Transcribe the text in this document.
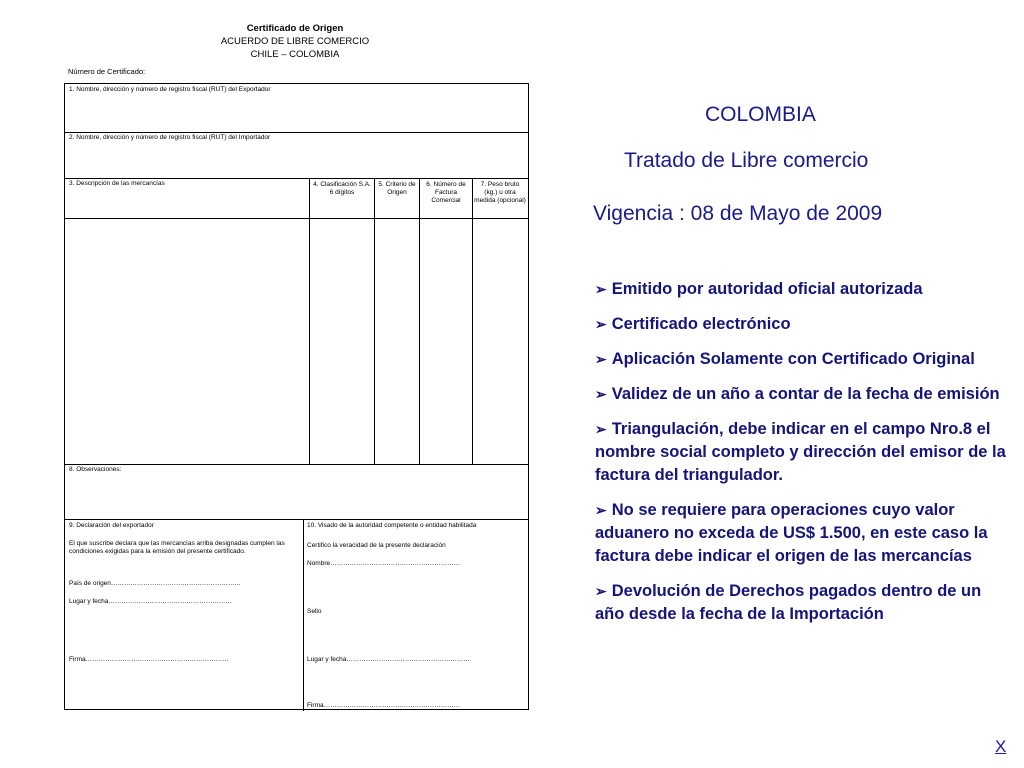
Certificado de Origen
ACUERDO DE LIBRE COMERCIO
CHILE – COLOMBIA
Número de Certificado:
1. Nombre, dirección y número de registro fiscal (RUT) del Exportador
2. Nombre, dirección y número de registro fiscal (RUT) del Importador
3. Descripción de las mercancías
8. Observaciones:
4. Clasificación S.A. 6 dígitos
5. Criterio de Origen
6. Número de Factura Comercial
7. Peso bruto (kg.) u otra medida (opcional)
9. Declaración del exportador
El que suscribe declara que las mercancías arriba designadas cumplen las condiciones exigidas para la emisión del presente certificado.
País de origen……………………………………………………
Lugar y fecha…………………………………………………
Firma…………………………………………………………
10. Visado de la autoridad competente o entidad habilitada
Certifico la veracidad de la presente declaración
Nombre……………………………………………………
Sello
Lugar y fecha…………………………………………………
Firma………………………………………………………
COLOMBIA
Tratado de Libre comercio
Vigencia : 08 de Mayo de 2009

➢ Emitido por autoridad oficial autorizada

➢ Certificado electrónico

➢ Aplicación Solamente con Certificado Original

➢ Validez de un año a contar de la fecha de emisión

➢ Triangulación, debe indicar en el campo Nro.8 el nombre social completo y dirección del emisor de la factura del triangulador.

➢ No se requiere para operaciones cuyo valor aduanero no exceda de US$ 1.500, en este caso la factura debe indicar el origen de las mercancías

➢ Devolución de Derechos pagados dentro de un año desde la fecha de la Importación

X
